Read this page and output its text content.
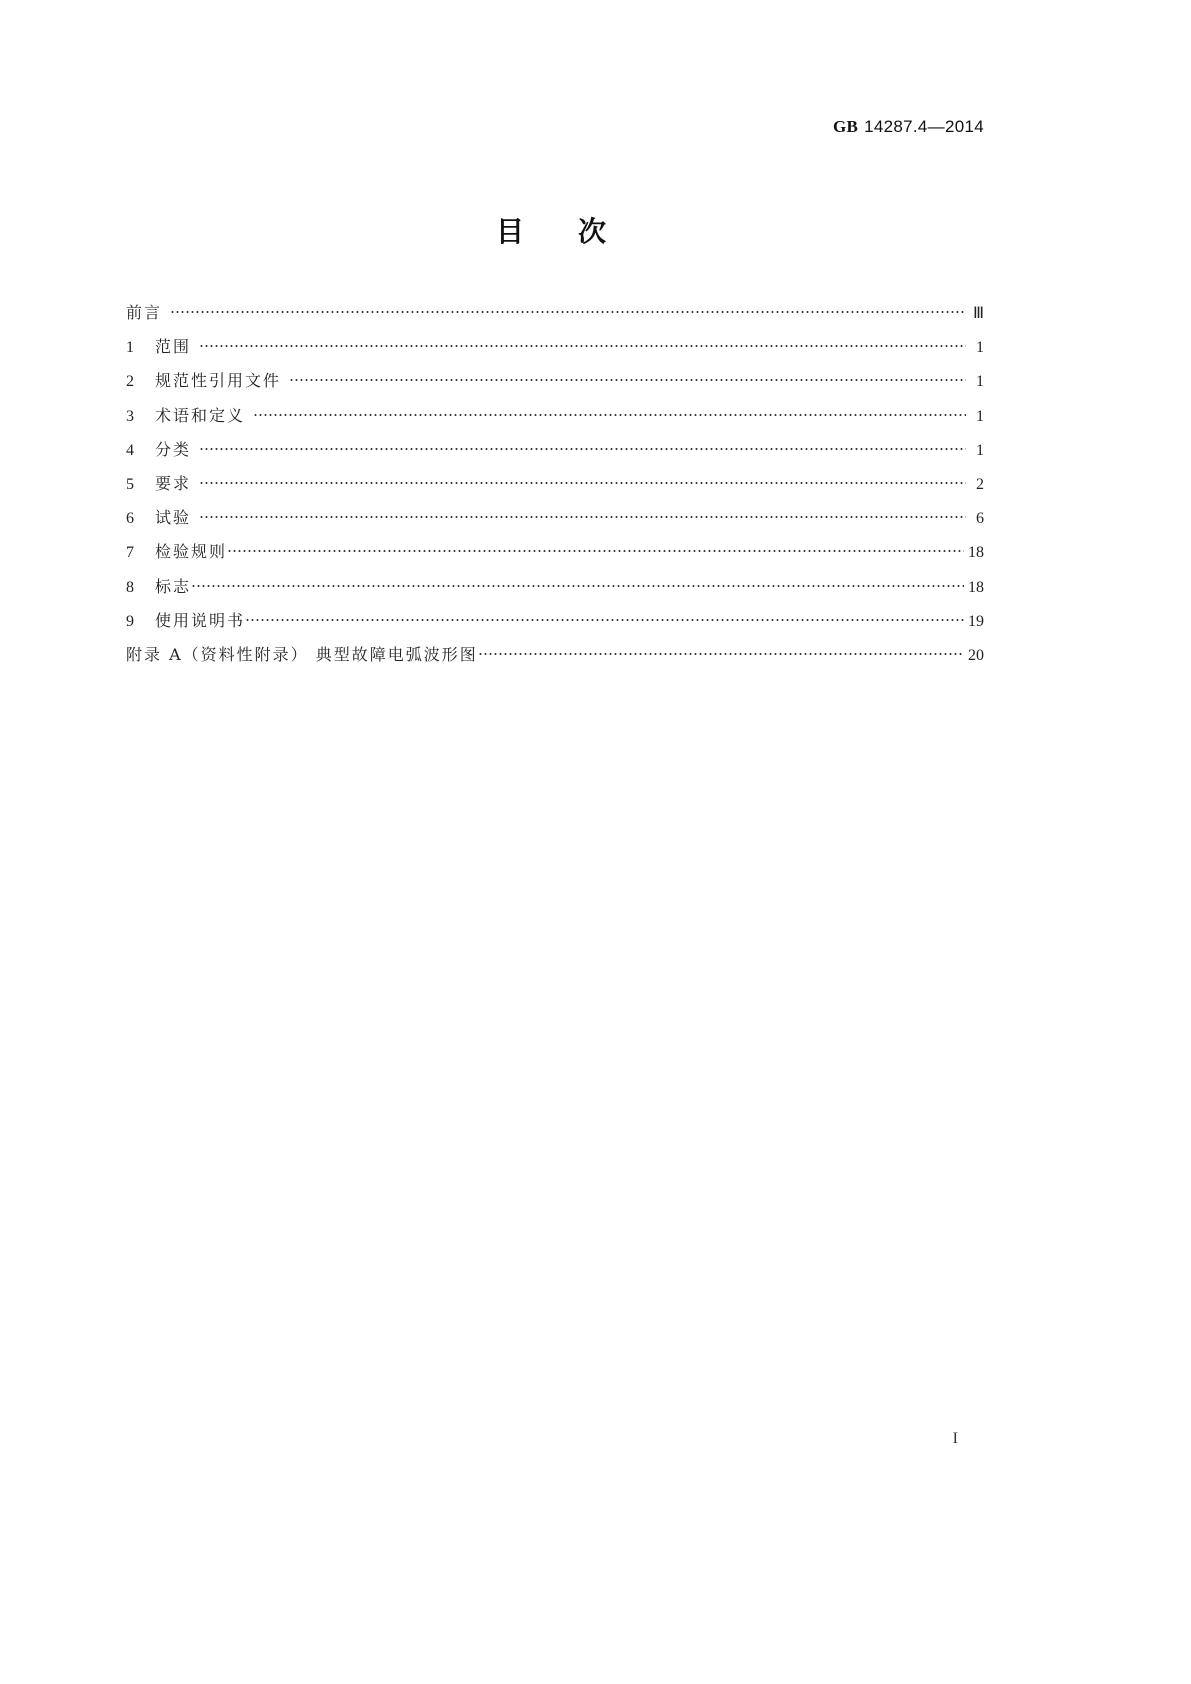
GB 14287.4—2014
目 次
前言	Ⅲ
1	范围	1
2	规范性引用文件	1
3	术语和定义	1
4	分类	1
5	要求	2
6	试验	6
7	检验规则	18
8	标志	18
9	使用说明书	19
附录 A（资料性附录） 典型故障电弧波形图	20
I
